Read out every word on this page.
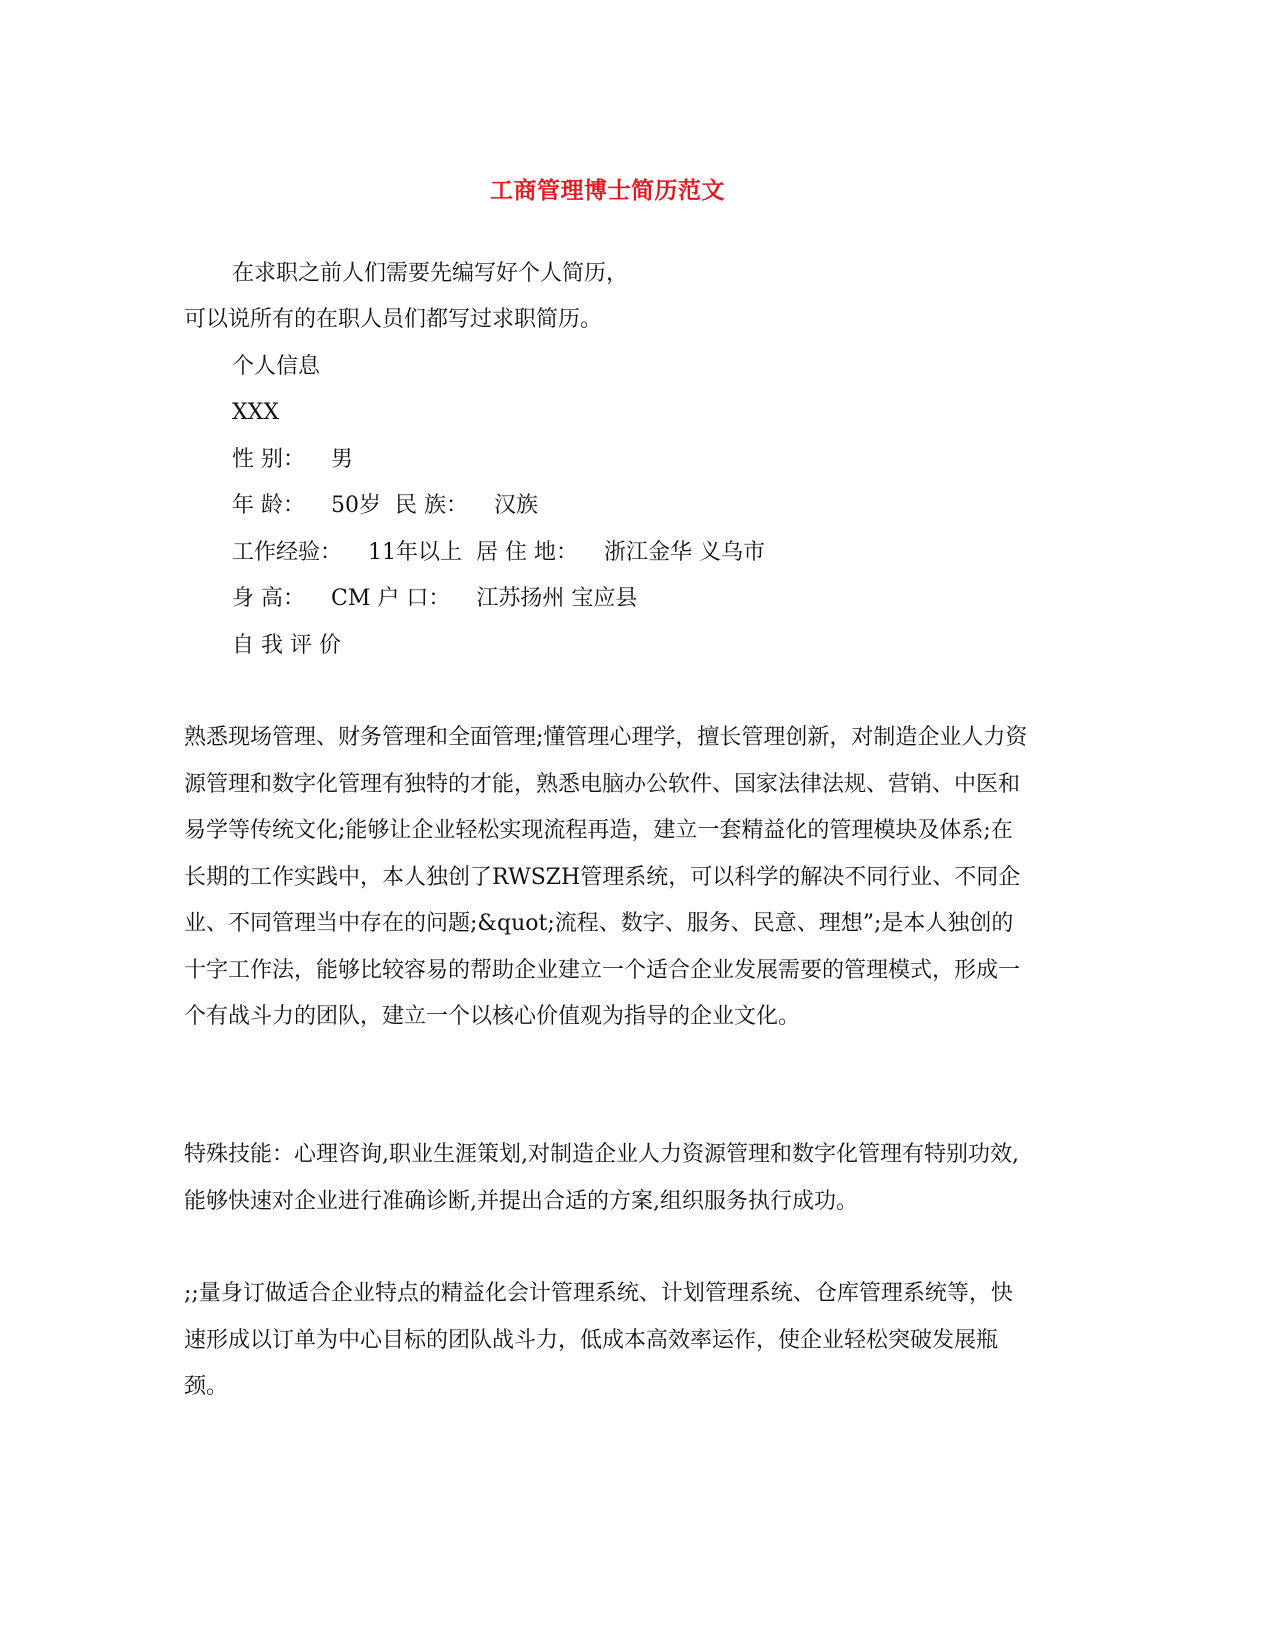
工商管理博士简历范文
在求职之前人们需要先编写好个人简历，
可以说所有的在职人员们都写过求职简历。
个人信息
XXX
性 别： 男
年 龄： 50岁 民 族： 汉族
工作经验： 11年以上 居 住 地： 浙江金华 义乌市
身 高： CM 户 口： 江苏扬州 宝应县
自 我 评 价

熟悉现场管理、财务管理和全面管理;懂管理心理学，擅长管理创新，对制造企业人力资源管理和数字化管理有独特的才能，熟悉电脑办公软件、国家法律法规、营销、中医和易学等传统文化;能够让企业轻松实现流程再造，建立一套精益化的管理模块及体系;在长期的工作实践中，本人独创了RWSZH管理系统，可以科学的解决不同行业、不同企业、不同管理当中存在的问题;&quot;流程、数字、服务、民意、理想”;是本人独创的十字工作法，能够比较容易的帮助企业建立一个适合企业发展需要的管理模式，形成一个有战斗力的团队，建立一个以核心价值观为指导的企业文化。

特殊技能：心理咨询,职业生涯策划,对制造企业人力资源管理和数字化管理有特别功效,能够快速对企业进行准确诊断,并提出合适的方案,组织服务执行成功。

;;量身订做适合企业特点的精益化会计管理系统、计划管理系统、仓库管理系统等，快速形成以订单为中心目标的团队战斗力，低成本高效率运作，使企业轻松突破发展瓶颈。
